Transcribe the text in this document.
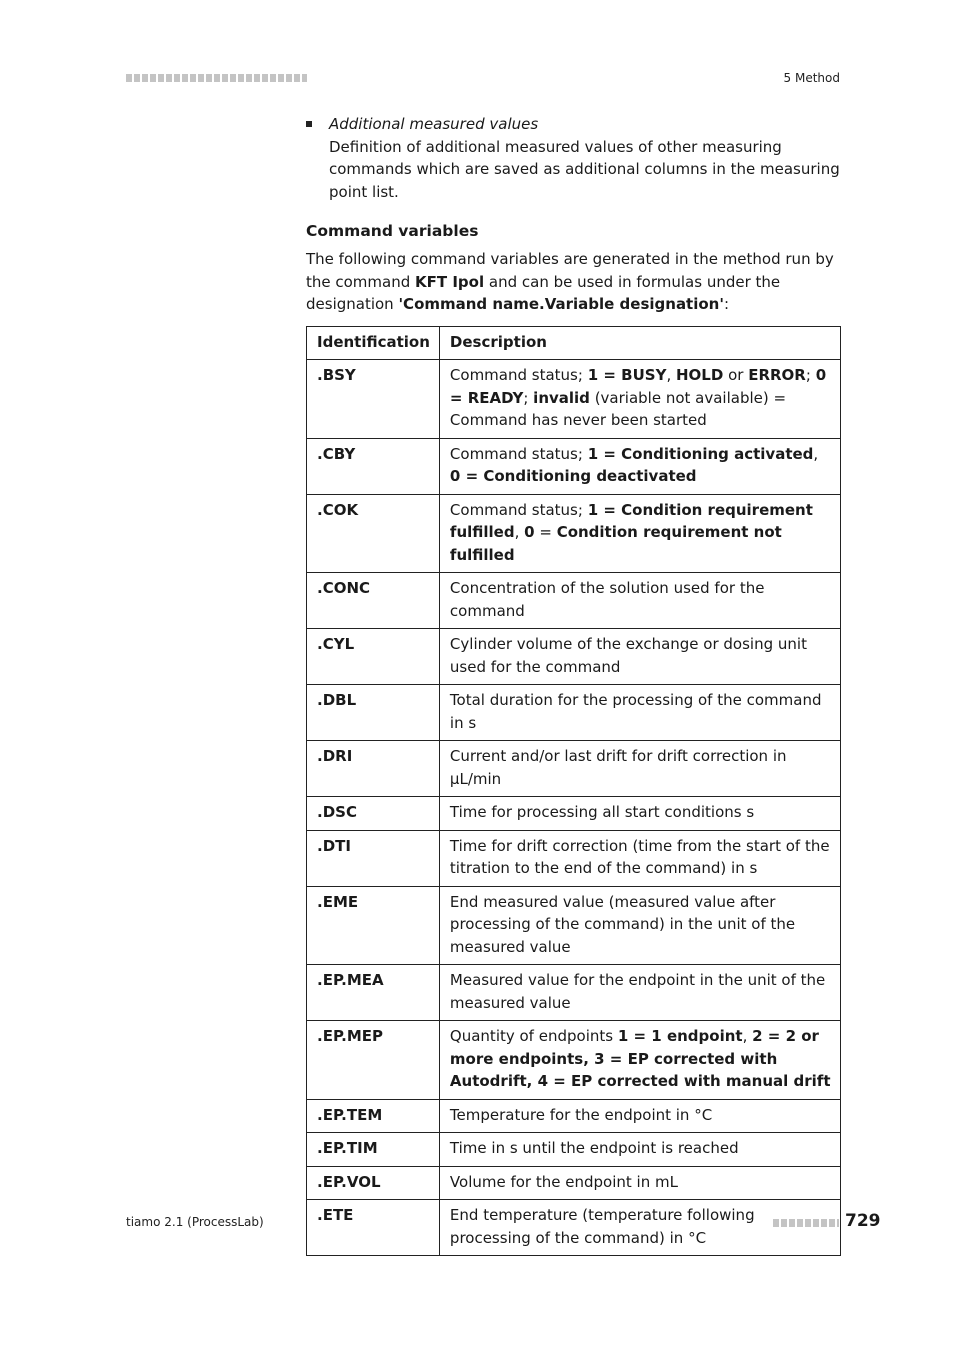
5 Method
Additional measured values

Definition of additional measured values of other measuring commands which are saved as additional columns in the measuring point list.

Command variables

The following command variables are generated in the method run by the command KFT Ipol and can be used in formulas under the designation 'Command name.Variable designation':

Identification	Description
.BSY	Command status; 1 = BUSY, HOLD or ERROR; 0 = READY; invalid (variable not available) = Command has never been started
.CBY	Command status; 1 = Conditioning activated, 0 = Conditioning deactivated
.COK	Command status; 1 = Condition requirement fulfilled, 0 = Condition requirement not fulfilled
.CONC	Concentration of the solution used for the command
.CYL	Cylinder volume of the exchange or dosing unit used for the command
.DBL	Total duration for the processing of the command in s
.DRI	Current and/or last drift for drift correction in µL/min
.DSC	Time for processing all start conditions s
.DTI	Time for drift correction (time from the start of the titration to the end of the command) in s
.EME	End measured value (measured value after processing of the command) in the unit of the measured value
.EP.MEA	Measured value for the endpoint in the unit of the measured value
.EP.MEP	Quantity of endpoints 1 = 1 endpoint, 2 = 2 or more endpoints, 3 = EP corrected with Autodrift, 4 = EP corrected with manual drift
.EP.TEM	Temperature for the endpoint in °C
.EP.TIM	Time in s until the endpoint is reached
.EP.VOL	Volume for the endpoint in mL
.ETE	End temperature (temperature following processing of the command) in °C
tiamo 2.1 (ProcessLab)	729
